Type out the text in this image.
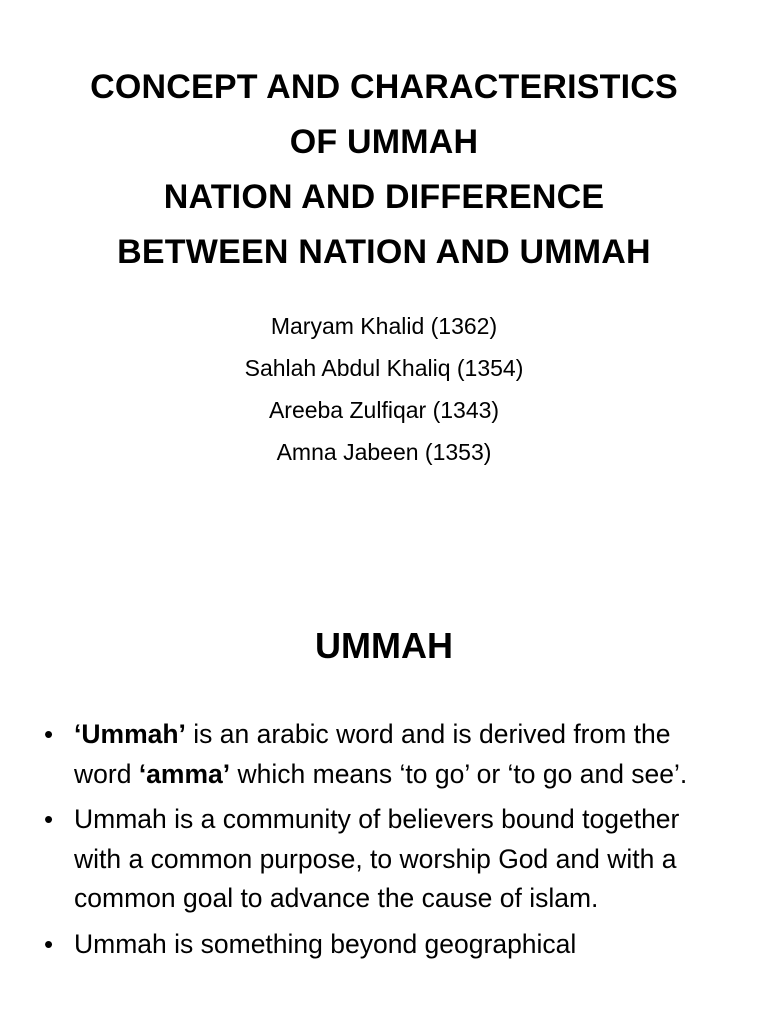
CONCEPT AND CHARACTERISTICS
OF UMMAH
NATION AND DIFFERENCE
BETWEEN NATION AND UMMAH
Maryam Khalid (1362)
Sahlah Abdul Khaliq (1354)
Areeba Zulfiqar (1343)
Amna Jabeen (1353)
UMMAH
• ‘Ummah’ is an arabic word and is derived from the word ‘amma’ which means ‘to go’ or ‘to go and see’.
• Ummah is a community of believers bound together with a common purpose, to worship God and with a common goal to advance the cause of islam.
• Ummah is something beyond geographical
